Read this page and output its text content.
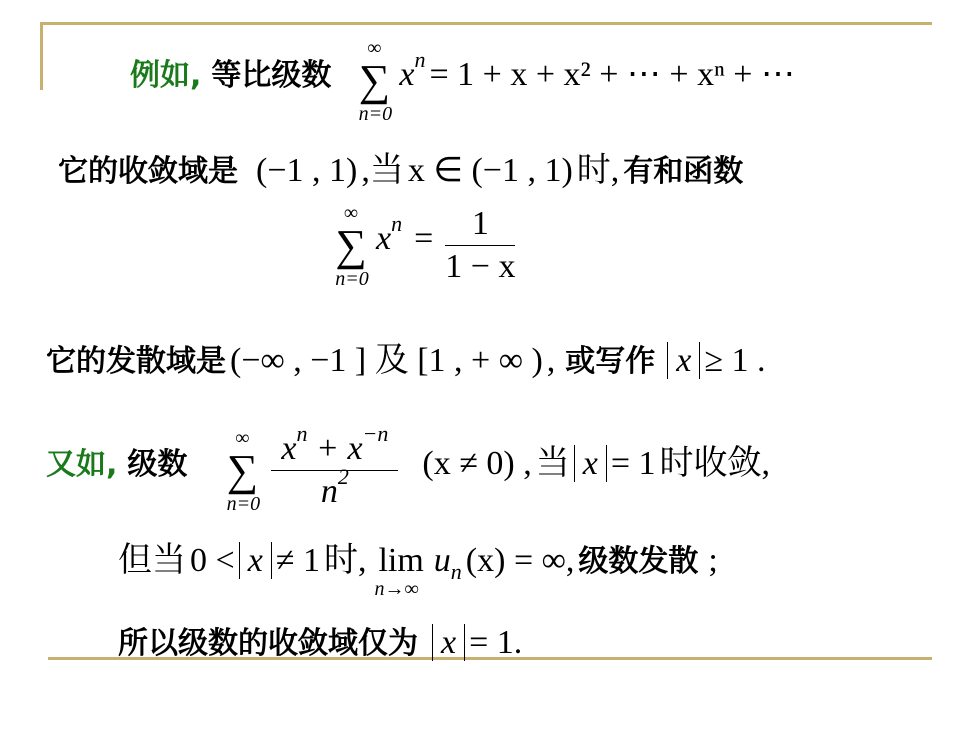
例如, 等比级数
∞
∑
n=0
$x^n = 1 + x + x^2$ + ⋯ + xⁿ + ⋯
它的收敛域是 (−1 , 1) ,当 x ∈ (−1 , 1) 时, 有和函数
∞
∑
n=0
$x^n = \frac{1}{1 - x}$
它的发散域是 (−∞ , −1 ] 及 [1 , + ∞ ) , 或写作 x ≥ 1 .
又如, 级数
∞
∑
n=0
$\frac{x^n + x^{-n}}{n^2} (x \ne 0)$ , 当 x = 1 时收敛,
但当 0 < x ≠ 1 时, lim
n→∞
$u_n$ (x) = ∞, 级数发散 ;
所以级数的收敛域仅为 x = 1.
